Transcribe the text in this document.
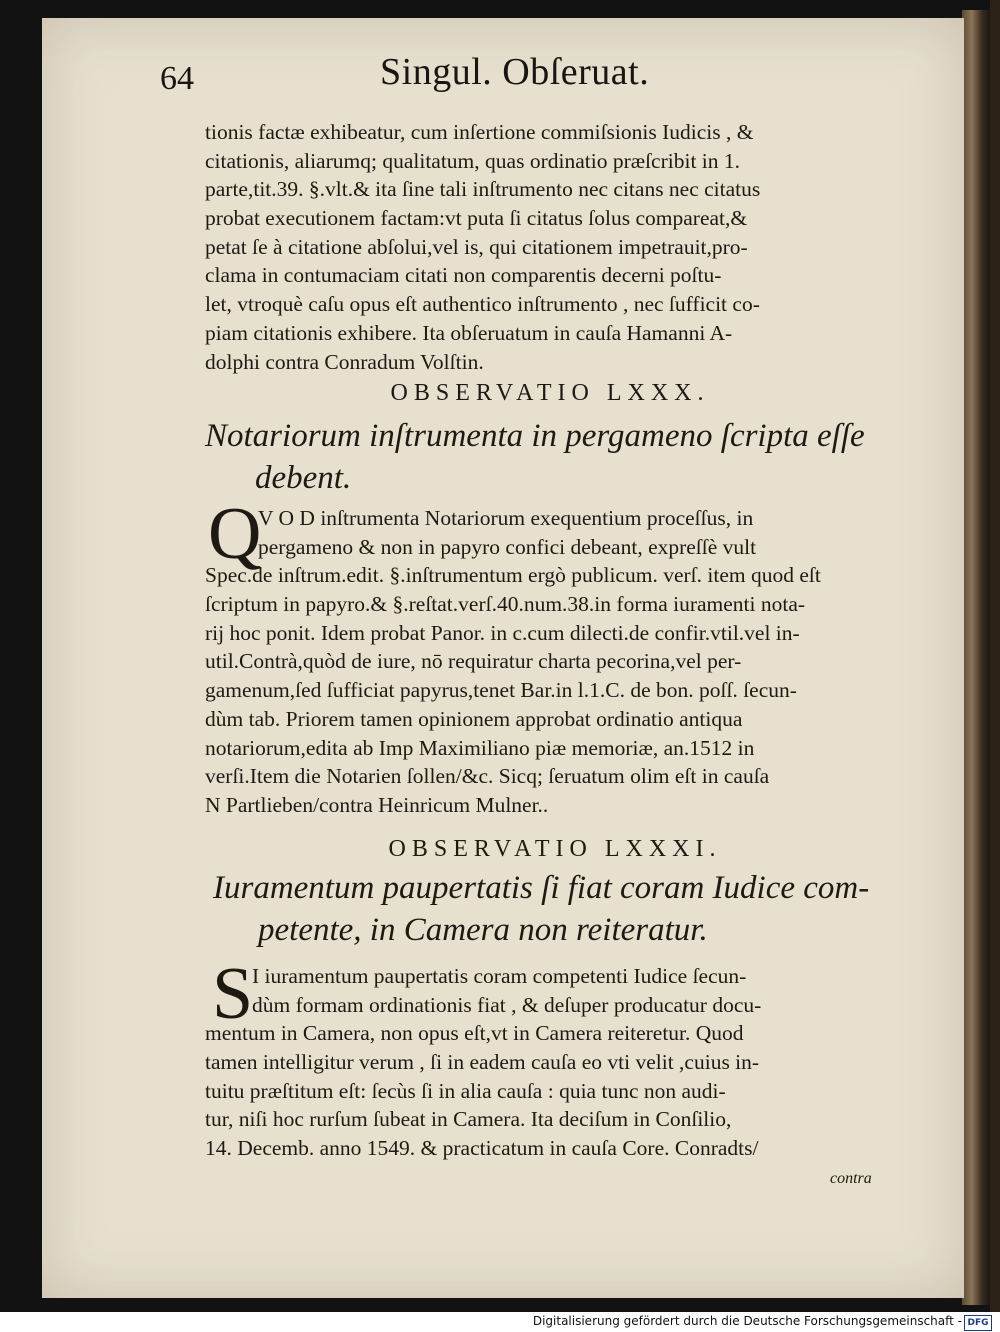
64	Singul. Obſeruat.
tionis factæ exhibeatur, cum inſertione commiſsionis Iudicis , &
citationis, aliarumq; qualitatum, quas ordinatio præſcribit in 1.
parte,tit.39. §.vlt.& ita ſine tali inſtrumento nec citans nec citatus
probat executionem factam:vt puta ſi citatus ſolus compareat,&
petat ſe à citatione abſolui,vel is, qui citationem impetrauit,pro-
clama in contumaciam citati non comparentis decerni poſtu-
let, vtroquè caſu opus eſt authentico inſtrumento , nec ſufficit co-
piam citationis exhibere. Ita obſeruatum in cauſa Hamanni A-
dolphi contra Conradum Volſtin.
OBSERVATIO LXXX.
Notariorum inſtrumenta in pergameno ſcripta eſſe
debent.
Q
V O D inſtrumenta Notariorum exequentium proceſſus, in
pergameno & non in papyro confici debeant, expreſſè vult
Spec.de inſtrum.edit. §.inſtrumentum ergò publicum. verſ. item quod eſt
ſcriptum in papyro.& §.reſtat.verſ.40.num.38.in forma iuramenti nota-
rij hoc ponit. Idem probat Panor. in c.cum dilecti.de confir.vtil.vel in-
util.Contrà,quòd de iure, nō requiratur charta pecorina,vel per-
gamenum,ſed ſufficiat papyrus,tenet Bar.in l.1.C. de bon. poſſ. ſecun-
dùm tab. Priorem tamen opinionem approbat ordinatio antiqua
notariorum,edita ab Imp Maximiliano piæ memoriæ, an.1512 in
verſi.Item die Notarien ſollen/&c. Sicq; ſeruatum olim eſt in cauſa
N Partlieben/contra Heinricum Mulner..
OBSERVATIO LXXXI.
Iuramentum paupertatis ſi fiat coram Iudice com-
petente, in Camera non reiteratur.
S
I iuramentum paupertatis coram competenti Iudice ſecun-
dùm formam ordinationis fiat , & deſuper producatur docu-
mentum in Camera, non opus eſt,vt in Camera reiteretur. Quod
tamen intelligitur verum , ſi in eadem cauſa eo vti velit ,cuius in-
tuitu præſtitum eſt: ſecùs ſi in alia cauſa : quia tunc non audi-
tur, niſi hoc rurſum ſubeat in Camera. Ita deciſum in Conſilio,
14. Decemb. anno 1549. & practicatum in cauſa Core. Conradts/
contra
Digitalisierung gefördert durch die Deutsche Forschungsgemeinschaft - DFG
